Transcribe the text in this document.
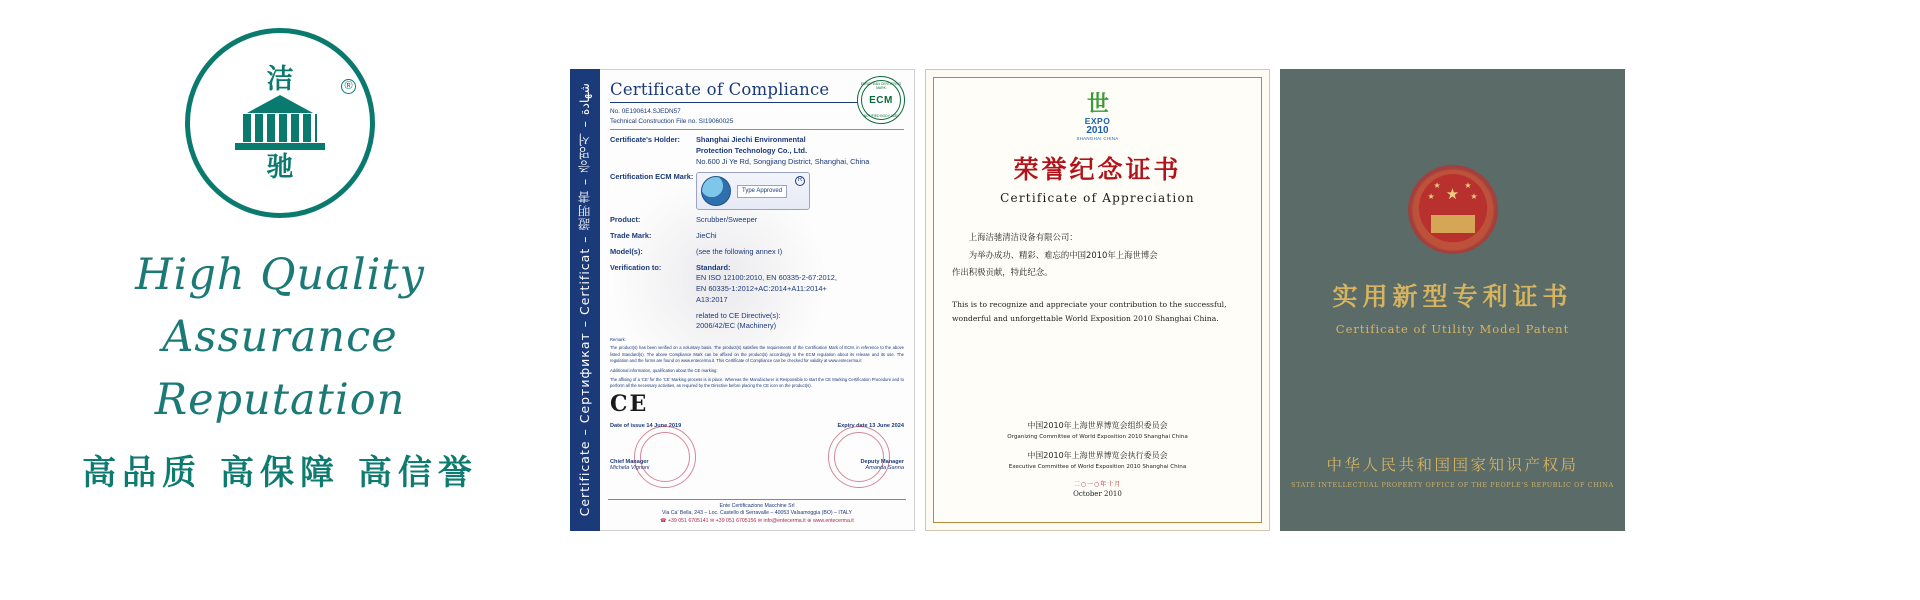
洁
驰
®
High Quality
Assurance
Reputation
高品质 高保障 高信誉	Certificate – Сертификат – Certificat – 證明書 – 증명서 – شهادة	EUROPEAN CERTIFYING MARK
ECM
NOTIFIED BODY 1282
Certificate of Compliance
No. 0E190614.SJEDN57
Technical Construction File no. SI19060025
Certificate's Holder:	Shanghai Jiechi Environmental
Protection Technology Co., Ltd.
No.600 Ji Ye Rd, Songjiang District, Shanghai, China
Certification ECM Mark:
Type Approved
R
Product:	Scrubber/Sweeper
Trade Mark:	JieChi
Model(s):	(see the following annex I)
Verification to:	Standard:
EN ISO 12100:2010, EN 60335-2-67:2012,
EN 60335-1:2012+AC:2014+A11:2014+
A13:2017
related to CE Directive(s):
2006/42/EC (Machinery)
Remark:
The product(s) has been verified on a voluntary basis. The product(s) satisfies the requirements of the Certification Mark of ECM, in reference to the above listed Standard(s). The above Compliance Mark can be affixed on the product(s) accordingly to the ECM regulation about its release and its use. The regulation and the forms are found on www.entecerma.it. This Certificate of Compliance can be checked for validity at www.entecerma.it
Additional information, qualification about the CE marking:
The affixing of a 'CE' for the 'CE' Marking process is in place. Whereas the Manufacturer is Responsible to start the CE Marking Certification Procedure and to perform all the necessary activities, as required by the Directive before placing the CE icon on the product(s).
CE
Date of issue 14 June 2019
Chief Manager
Michela Vignoni
Expiry date 13 June 2024
Deputy Manager
Amanda Sanna
Ente Certificazione Macchine Srl
Via Ca' Bella, 243 – Loc. Castello di Serravalle – 40053 Valsamoggia (BO) – ITALY
☎ +39 051 6705141 ✉ +39 051 6705156 ✉ info@entecerma.it ⊕ www.entecerma.it
世
EXPO
2010
SHANGHAI CHINA
荣誉纪念证书
Certificate of Appreciation
上海洁驰清洁设备有限公司：
为举办成功、精彩、难忘的中国2010年上海世博会
作出积极贡献，特此纪念。
This is to recognize and appreciate your contribution to the successful,
wonderful and unforgettable World Exposition 2010 Shanghai China.
中国2010年上海世界博览会组织委员会
Organizing Committee of World Exposition 2010 Shanghai China
中国2010年上海世界博览会执行委员会
Executive Committee of World Exposition 2010 Shanghai China
二○一○年十月
October 2010
★
★
★
★
★
实用新型专利证书
Certificate of Utility Model Patent
中华人民共和国国家知识产权局
STATE INTELLECTUAL PROPERTY OFFICE OF THE PEOPLE'S REPUBLIC OF CHINA
